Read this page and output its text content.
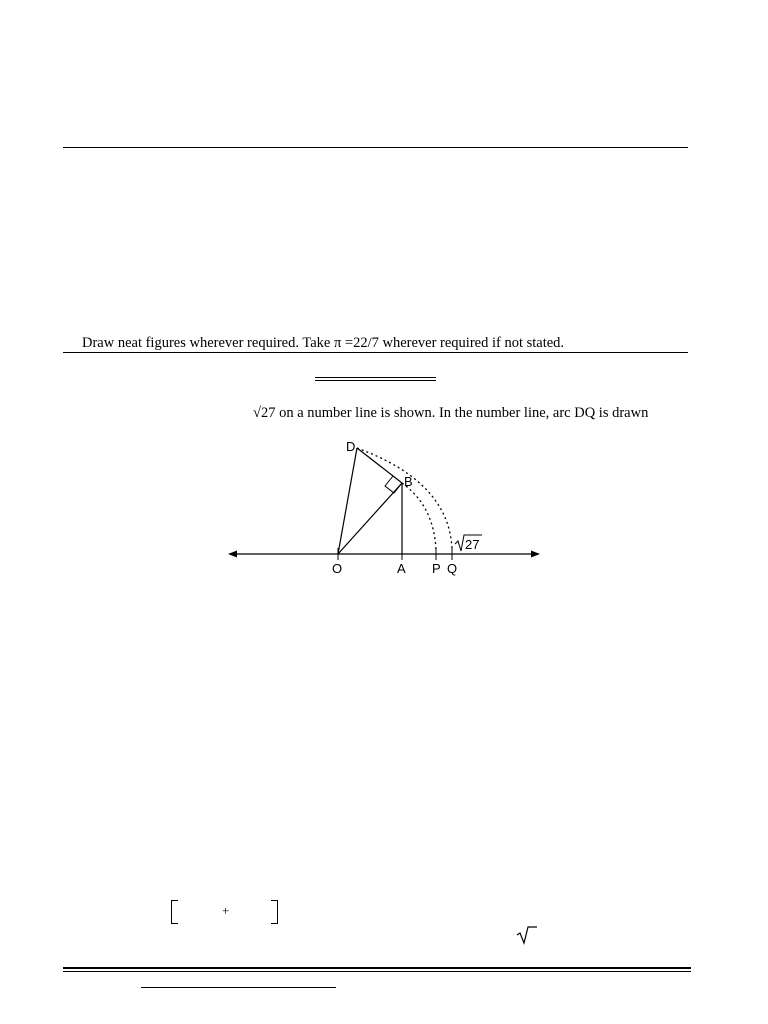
Draw neat figures wherever required. Take π =22/7 wherever required if not stated.
√27 on a number line is shown. In the number line, arc DQ is drawn
D
B
O	A P Q
27
+
